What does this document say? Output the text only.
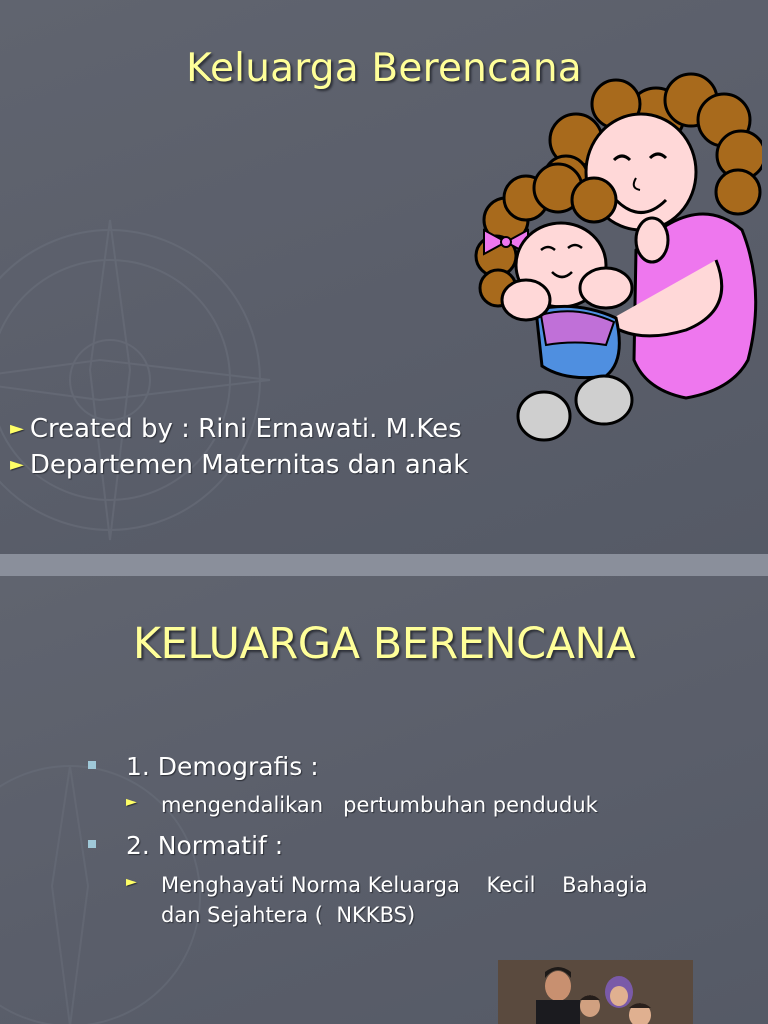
Keluarga Berencana
► Created by : Rini Ernawati. M.Kes
► Departemen Maternitas dan anak
KELUARGA BERENCANA
1. Demografis :
►	mengendalikan   pertumbuhan penduduk
2. Normatif :
►	Menghayati Norma Keluarga    Kecil    Bahagia dan Sejahtera (  NKKBS)
